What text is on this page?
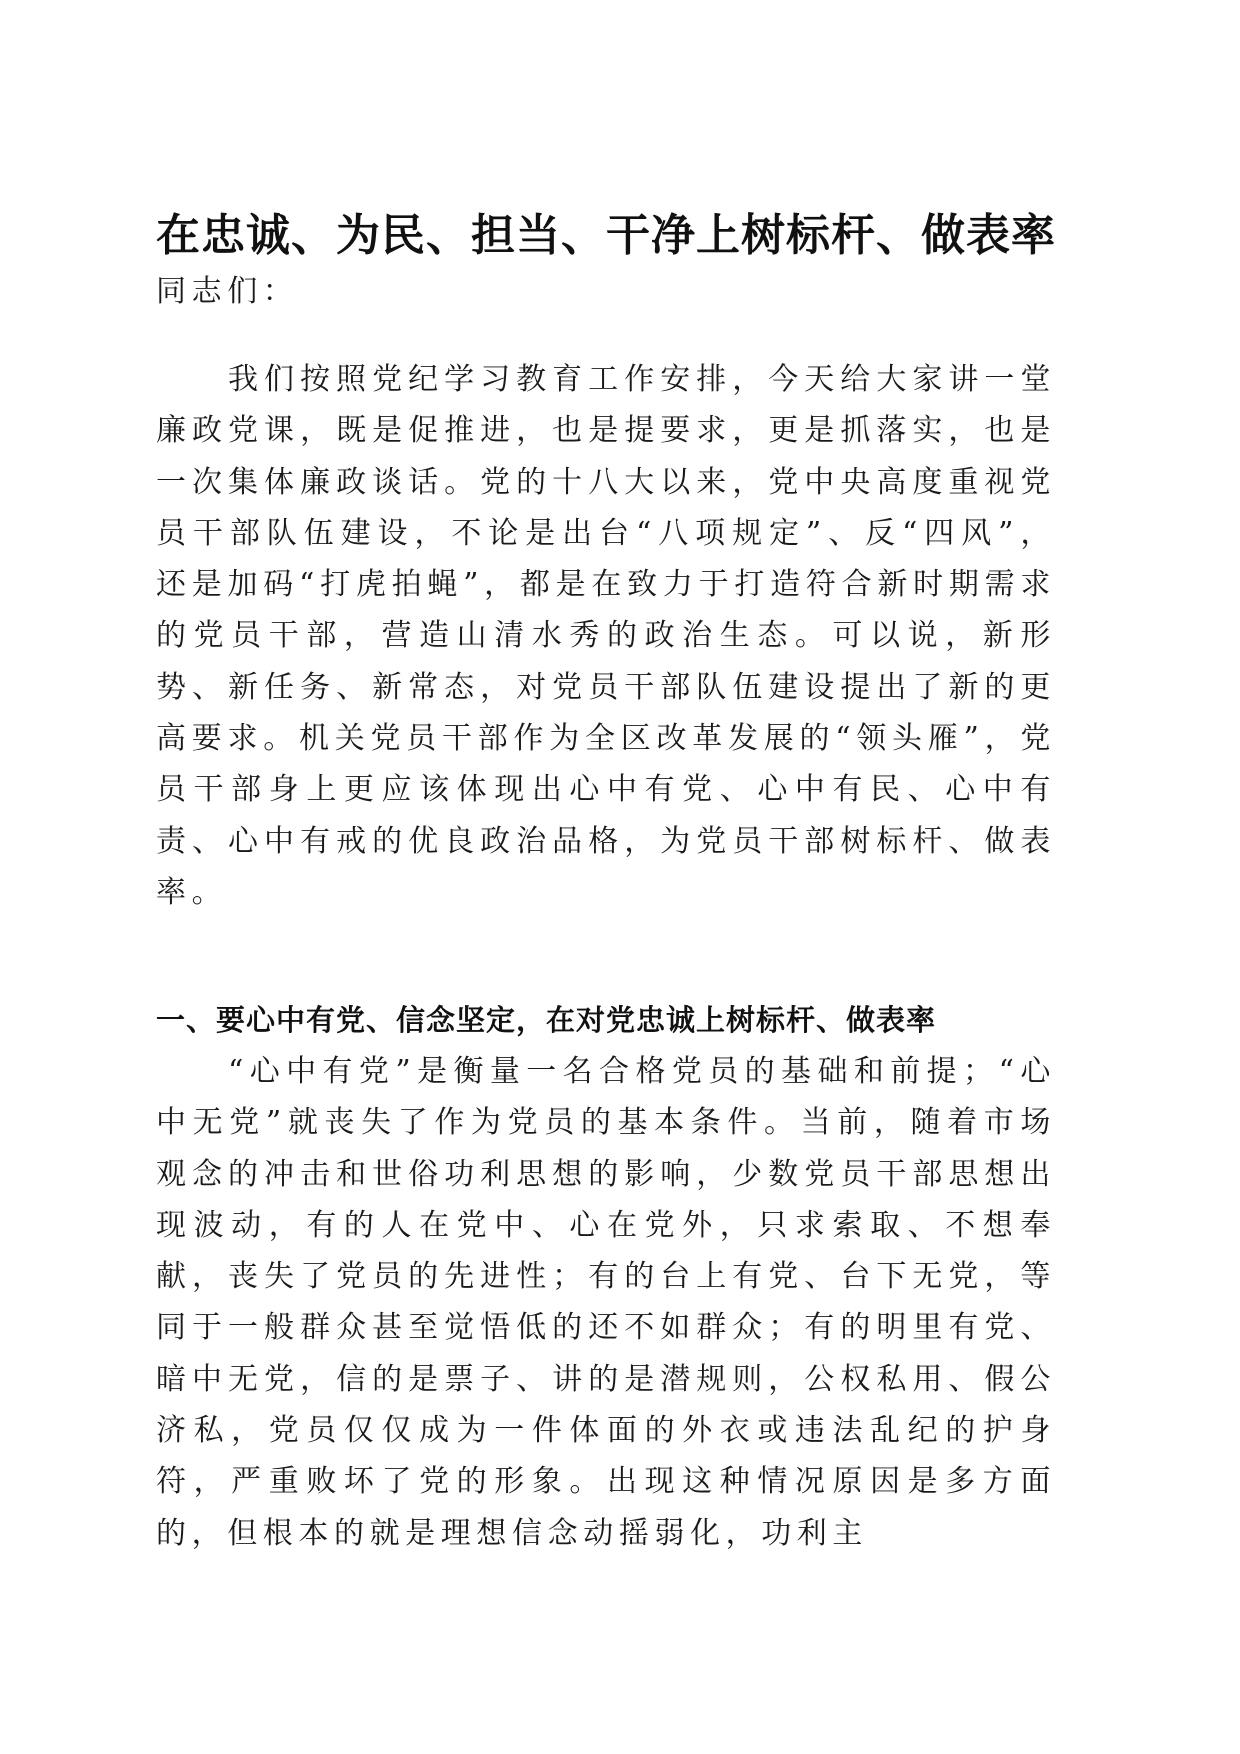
在忠诚、为民、担当、干净上树标杆、做表率

同志们：

我们按照党纪学习教育工作安排，今天给大家讲一堂廉政党课，既是促推进，也是提要求，更是抓落实，也是一次集体廉政谈话。党的十八大以来，党中央高度重视党员干部队伍建设，不论是出台“八项规定”、反“四风”，还是加码“打虎拍蝇”，都是在致力于打造符合新时期需求的党员干部，营造山清水秀的政治生态。可以说，新形势、新任务、新常态，对党员干部队伍建设提出了新的更高要求。机关党员干部作为全区改革发展的“领头雁”，党员干部身上更应该体现出心中有党、心中有民、心中有责、心中有戒的优良政治品格，为党员干部树标杆、做表率。

一、要心中有党、信念坚定，在对党忠诚上树标杆、做表率

“心中有党”是衡量一名合格党员的基础和前提；“心中无党”就丧失了作为党员的基本条件。当前，随着市场观念的冲击和世俗功利思想的影响，少数党员干部思想出现波动，有的人在党中、心在党外，只求索取、不想奉献，丧失了党员的先进性；有的台上有党、台下无党，等同于一般群众甚至觉悟低的还不如群众；有的明里有党、暗中无党，信的是票子、讲的是潜规则，公权私用、假公济私，党员仅仅成为一件体面的外衣或违法乱纪的护身符，严重败坏了党的形象。出现这种情况原因是多方面的，但根本的就是理想信念动摇弱化，功利主
